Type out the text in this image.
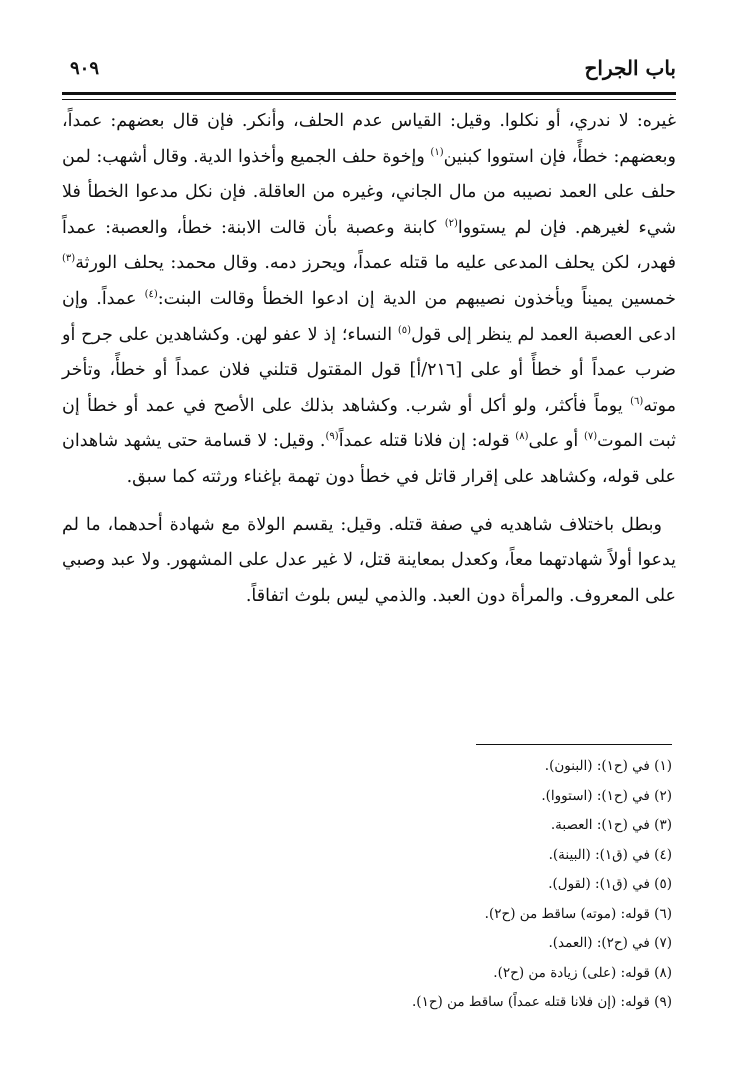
باب الجراح
٩٠٩

غيره: لا ندري، أو نكلوا. وقيل: القياس عدم الحلف، وأنكر. فإن قال بعضهم: عمداً، وبعضهم: خطأً، فإن استووا كبنين$^{(١)}$ وإخوة حلف الجميع وأخذوا الدية. وقال أشهب: لمن حلف على العمد نصيبه من مال الجاني، وغيره من العاقلة. فإن نكل مدعوا الخطأ فلا شيء لغيرهم. فإن لم يستووا$^{(٢)}$ كابنة وعصبة بأن قالت الابنة: خطأ، والعصبة: عمداً فهدر، لكن يحلف المدعى عليه ما قتله عمداً، ويحرز دمه. وقال محمد: يحلف الورثة$^{(٣)}$ خمسين يميناً ويأخذون نصيبهم من الدية إن ادعوا الخطأ وقالت البنت:$^{(٤)}$ عمداً. وإن ادعى العصبة العمد لم ينظر إلى قول$^{(٥)}$ النساء؛ إذ لا عفو لهن. وكشاهدين على جرح أو ضرب عمداً أو خطأً أو على [٢١٦/أ] قول المقتول قتلني فلان عمداً أو خطأً، وتأخر موته$^{(٦)}$ يوماً فأكثر، ولو أكل أو شرب. وكشاهد بذلك على الأصح في عمد أو خطأ إن ثبت الموت$^{(٧)}$ أو على$^{(٨)}$ قوله: إن فلانا قتله عمداً$^{(٩)}$. وقيل: لا قسامة حتى يشهد شاهدان على قوله، وكشاهد على إقرار قاتل في خطأ دون تهمة بإغناء ورثته كما سبق.

وبطل باختلاف شاهديه في صفة قتله. وقيل: يقسم الولاة مع شهادة أحدهما، ما لم يدعوا أولاً شهادتهما معاً، وكعدل بمعاينة قتل، لا غير عدل على المشهور. ولا عبد وصبي على المعروف. والمرأة دون العبد. والذمي ليس بلوث اتفاقاً.

(١) في (ح١): (البنون).

(٢) في (ح١): (استووا).

(٣) في (ح١): العصبة.

(٤) في (ق١): (البينة).

(٥) في (ق١): (لقول).

(٦) قوله: (موته) ساقط من (ح٢).

(٧) في (ح٢): (العمد).

(٨) قوله: (على) زيادة من (ح٢).

(٩) قوله: (إن فلانا قتله عمداً) ساقط من (ح١).
